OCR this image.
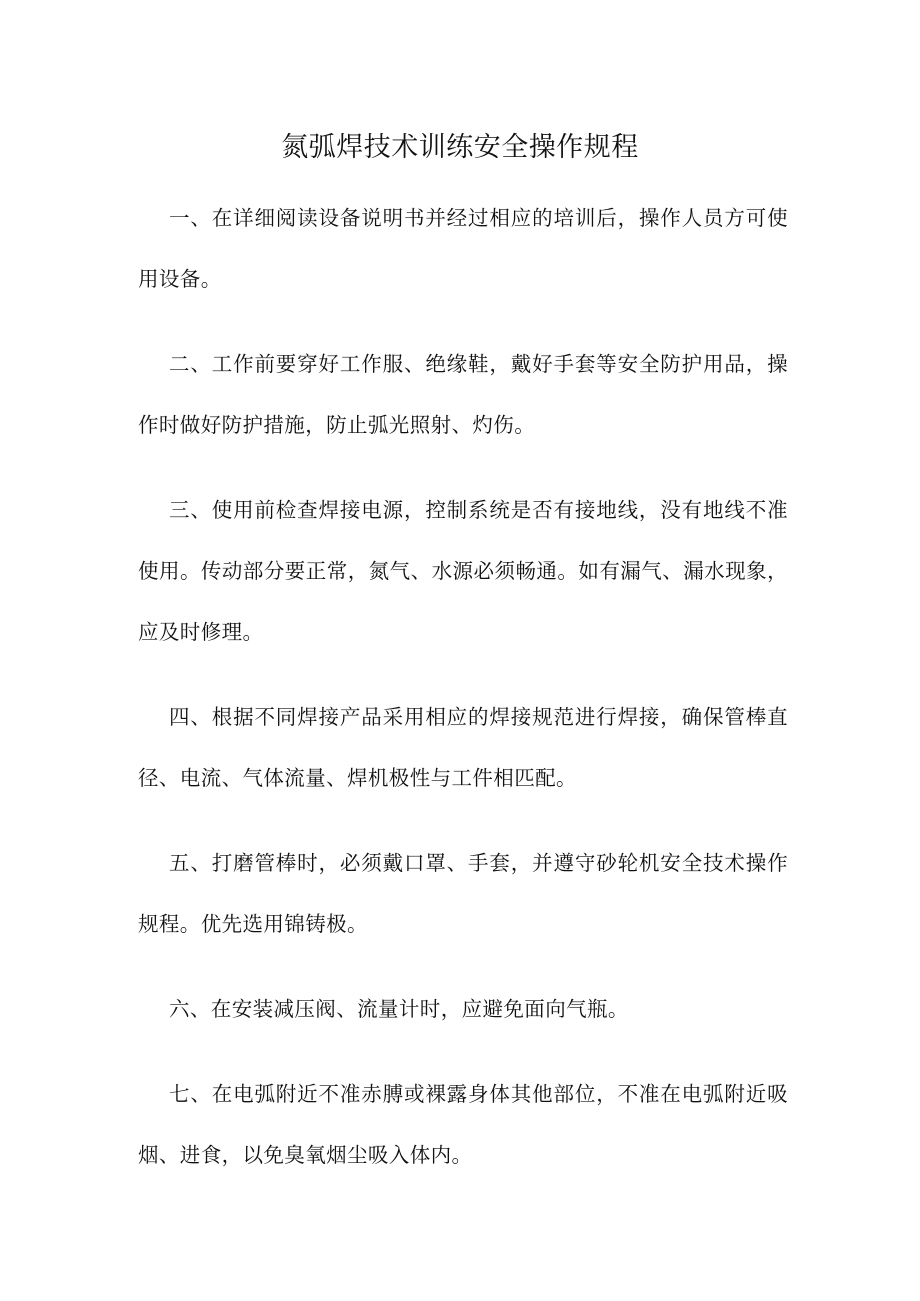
氮弧焊技术训练安全操作规程

一、在详细阅读设备说明书并经过相应的培训后，操作人员方可使用设备。

二、工作前要穿好工作服、绝缘鞋，戴好手套等安全防护用品，操作时做好防护措施，防止弧光照射、灼伤。

三、使用前检查焊接电源，控制系统是否有接地线，没有地线不准使用。传动部分要正常，氮气、水源必须畅通。如有漏气、漏水现象，应及时修理。

四、根据不同焊接产品采用相应的焊接规范进行焊接，确保管棒直径、电流、气体流量、焊机极性与工件相匹配。

五、打磨管棒时，必须戴口罩、手套，并遵守砂轮机安全技术操作规程。优先选用锦铸极。

六、在安装减压阀、流量计时，应避免面向气瓶。

七、在电弧附近不准赤膊或裸露身体其他部位，不准在电弧附近吸烟、进食，以免臭氧烟尘吸入体内。
